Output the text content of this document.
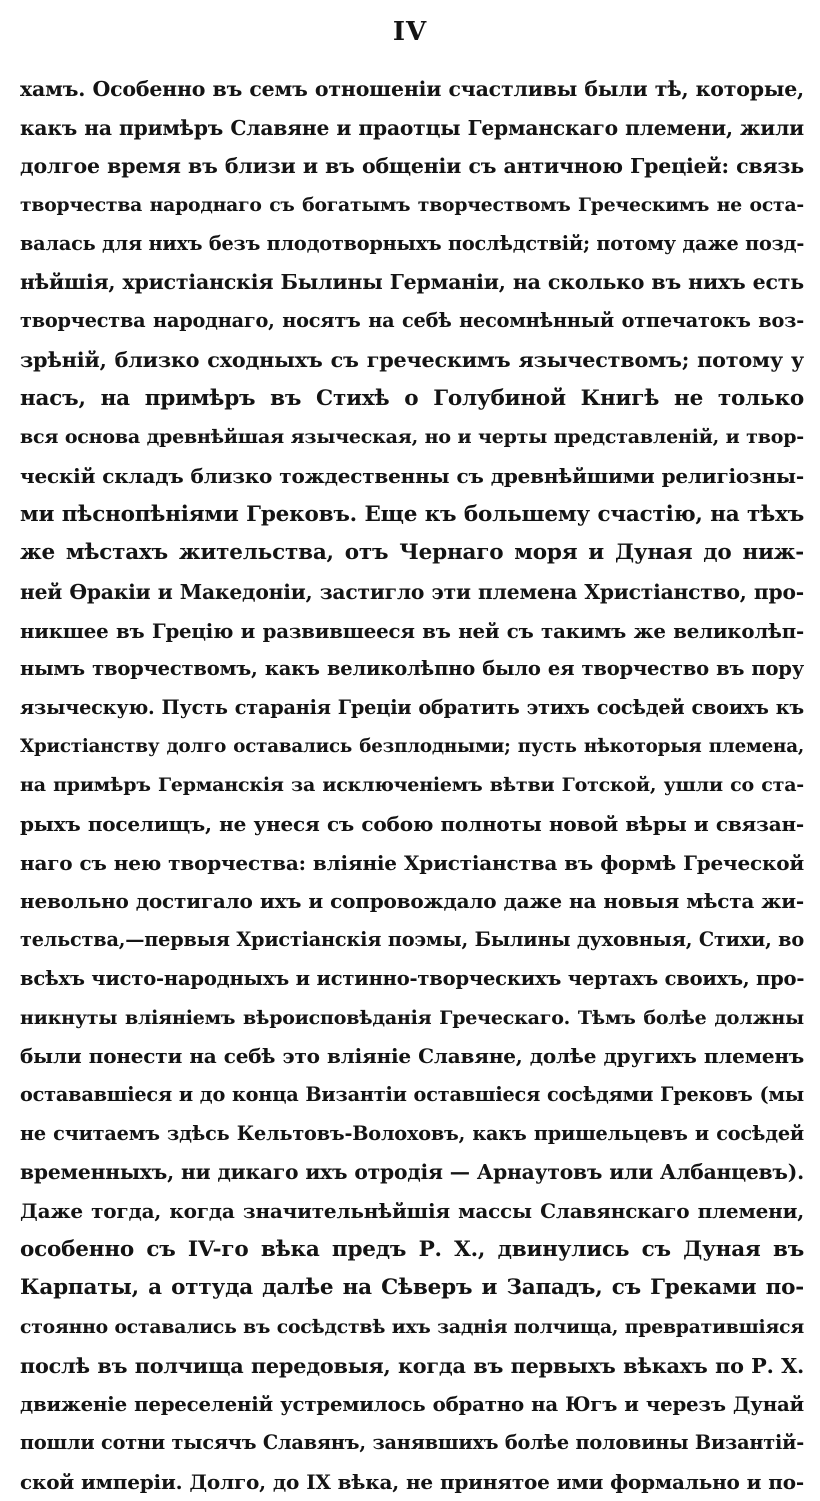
IV
хамъ. Особенно въ семъ отношенiи счастливы были тѣ, которые,
какъ на примѣръ Славяне и праотцы Германскаго племени, жили
долгое время въ близи и въ общенiи съ античною Грецiей: связь
творчества народнаго съ богатымъ творчествомъ Греческимъ не оста-
валась для нихъ безъ плодотворныхъ послѣдствiй; потому даже позд-
нѣйшiя, христiанскiя Былины Германiи, на сколько въ нихъ есть
творчества народнаго, носятъ на себѣ несомнѣнный отпечатокъ воз-
зрѣнiй, близко сходныхъ съ греческимъ язычествомъ; потому у
насъ, на примѣръ въ Стихѣ о Голубиной Книгѣ не только
вся основа древнѣйшая языческая, но и черты представленiй, и твор-
ческiй складъ близко тождественны съ древнѣйшими религiозны-
ми пѣснопѣнiями Грековъ. Еще къ большему счастiю, на тѣхъ
же мѣстахъ жительства, отъ Чернаго моря и Дуная до ниж-
ней Ѳракiи и Македонiи, застигло эти племена Христiанство, про-
никшее въ Грецiю и развившееся въ ней съ такимъ же великолѣп-
нымъ творчествомъ, какъ великолѣпно было ея творчество въ пору
языческую. Пусть старанiя Грецiи обратить этихъ сосѣдей своихъ къ
Христiанству долго оставались безплодными; пусть нѣкоторыя племена,
на примѣръ Германскiя за исключенiемъ вѣтви Готской, ушли со ста-
рыхъ поселищъ, не унеся съ собою полноты новой вѣры и связан-
наго съ нею творчества: влiянiе Христiанства въ формѣ Греческой
невольно достигало ихъ и сопровождало даже на новыя мѣста жи-
тельства,—первыя Христiанскiя поэмы, Былины духовныя, Стихи, во
всѣхъ чисто-народныхъ и истинно-творческихъ чертахъ своихъ, про-
никнуты влiянiемъ вѣроисповѣданiя Греческаго. Тѣмъ болѣе должны
были понести на себѣ это влiянiе Славяне, долѣе другихъ племенъ
остававшiеся и до конца Византiи оставшiеся сосѣдями Грековъ (мы
не считаемъ здѣсь Кельтовъ-Волоховъ, какъ пришельцевъ и сосѣдей
временныхъ, ни дикаго ихъ отродiя — Арнаутовъ или Албанцевъ).
Даже тогда, когда значительнѣйшiя массы Славянскаго племени,
особенно съ IV-го вѣка предъ Р. Х., двинулись съ Дуная въ
Карпаты, а оттуда далѣе на Сѣверъ и Западъ, съ Греками по-
стоянно оставались въ сосѣдствѣ ихъ заднiя полчища, превратившiяся
послѣ въ полчища передовыя, когда въ первыхъ вѣкахъ по Р. Х.
движенiе переселенiй устремилось обратно на Югъ и черезъ Дунай
пошли сотни тысячъ Славянъ, занявшихъ болѣе половины Византiй-
ской имперiи. Долго, до IX вѣка, не принятое ими формально и по-
